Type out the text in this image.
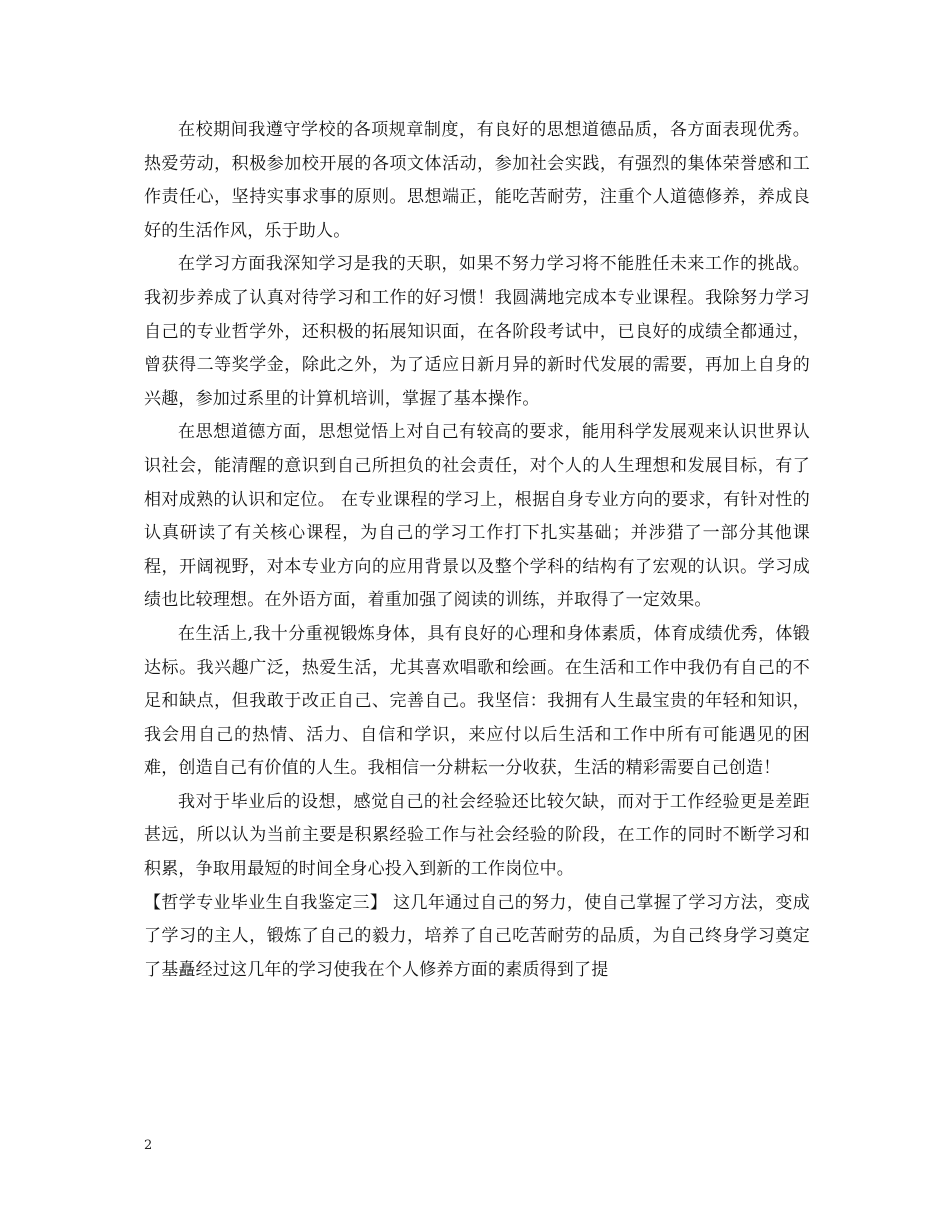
在校期间我遵守学校的各项规章制度，有良好的思想道德品质，各方面表现优秀。热爱劳动，积极参加校开展的各项文体活动，参加社会实践，有强烈的集体荣誉感和工作责任心，坚持实事求事的原则。思想端正，能吃苦耐劳，注重个人道德修养，养成良好的生活作风，乐于助人。

在学习方面我深知学习是我的天职，如果不努力学习将不能胜任未来工作的挑战。我初步养成了认真对待学习和工作的好习惯！我圆满地完成本专业课程。我除努力学习自己的专业哲学外，还积极的拓展知识面，在各阶段考试中，已良好的成绩全都通过，曾获得二等奖学金，除此之外，为了适应日新月异的新时代发展的需要，再加上自身的兴趣，参加过系里的计算机培训，掌握了基本操作。

在思想道德方面，思想觉悟上对自己有较高的要求，能用科学发展观来认识世界认识社会，能清醒的意识到自己所担负的社会责任，对个人的人生理想和发展目标，有了相对成熟的认识和定位。 在专业课程的学习上，根据自身专业方向的要求，有针对性的认真研读了有关核心课程，为自己的学习工作打下扎实基础；并涉猎了一部分其他课程，开阔视野，对本专业方向的应用背景以及整个学科的结构有了宏观的认识。学习成绩也比较理想。在外语方面，着重加强了阅读的训练，并取得了一定效果。

在生活上,我十分重视锻炼身体，具有良好的心理和身体素质，体育成绩优秀，体锻达标。我兴趣广泛，热爱生活，尤其喜欢唱歌和绘画。在生活和工作中我仍有自己的不足和缺点，但我敢于改正自己、完善自己。我坚信：我拥有人生最宝贵的年轻和知识，我会用自己的热情、活力、自信和学识，来应付以后生活和工作中所有可能遇见的困难，创造自己有价值的人生。我相信一分耕耘一分收获，生活的精彩需要自己创造！

我对于毕业后的设想，感觉自己的社会经验还比较欠缺，而对于工作经验更是差距甚远，所以认为当前主要是积累经验工作与社会经验的阶段，在工作的同时不断学习和积累，争取用最短的时间全身心投入到新的工作岗位中。

【哲学专业毕业生自我鉴定三】 这几年通过自己的努力，使自己掌握了学习方法，变成了学习的主人，锻炼了自己的毅力，培养了自己吃苦耐劳的品质，为自己终身学习奠定了基矗经过这几年的学习使我在个人修养方面的素质得到了提

2
